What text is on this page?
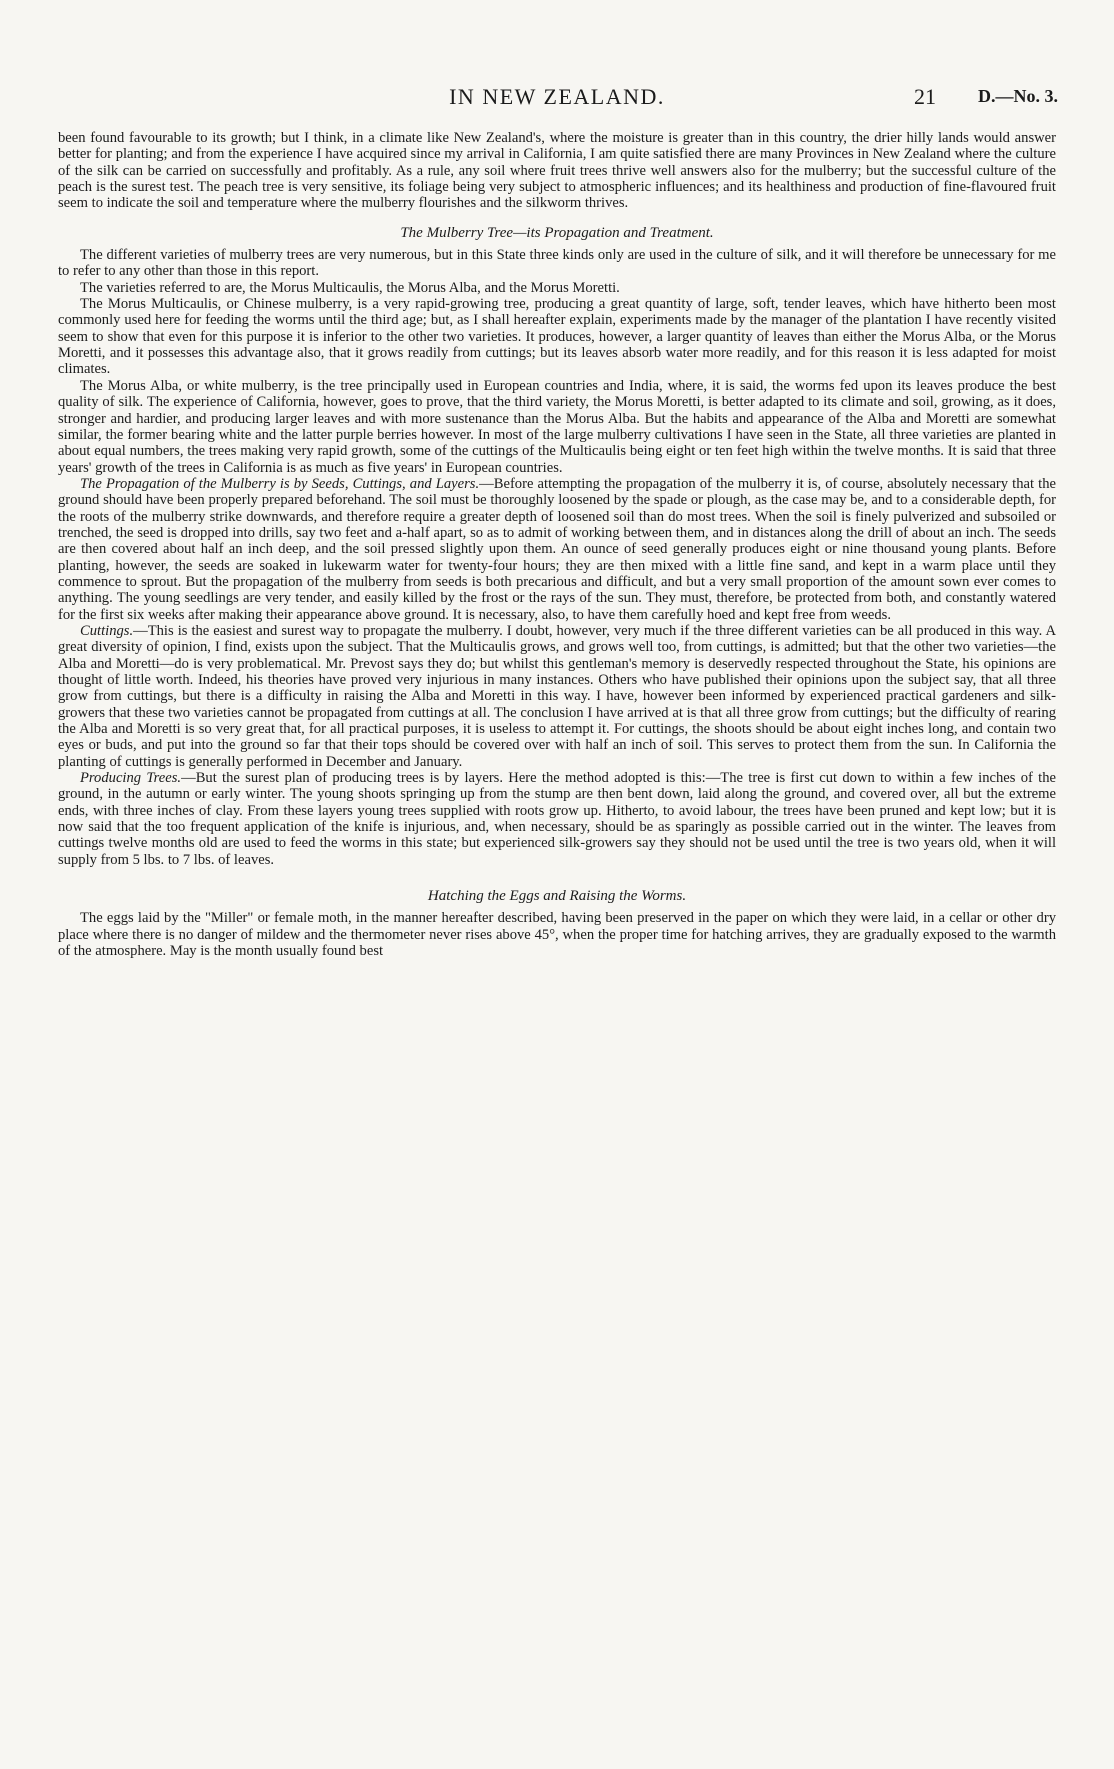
IN NEW ZEALAND.	21 D.—No. 3.

been found favourable to its growth; but I think, in a climate like New Zealand's, where the moisture is greater than in this country, the drier hilly lands would answer better for planting; and from the experience I have acquired since my arrival in California, I am quite satisfied there are many Provinces in New Zealand where the culture of the silk can be carried on successfully and profitably. As a rule, any soil where fruit trees thrive well answers also for the mulberry; but the successful culture of the peach is the surest test. The peach tree is very sensitive, its foliage being very subject to atmospheric influences; and its healthiness and production of fine-flavoured fruit seem to indicate the soil and temperature where the mulberry flourishes and the silkworm thrives.

The Mulberry Tree—its Propagation and Treatment.

The different varieties of mulberry trees are very numerous, but in this State three kinds only are used in the culture of silk, and it will therefore be unnecessary for me to refer to any other than those in this report.

The varieties referred to are, the Morus Multicaulis, the Morus Alba, and the Morus Moretti.

The Morus Multicaulis, or Chinese mulberry, is a very rapid-growing tree, producing a great quantity of large, soft, tender leaves, which have hitherto been most commonly used here for feeding the worms until the third age; but, as I shall hereafter explain, experiments made by the manager of the plantation I have recently visited seem to show that even for this purpose it is inferior to the other two varieties. It produces, however, a larger quantity of leaves than either the Morus Alba, or the Morus Moretti, and it possesses this advantage also, that it grows readily from cuttings; but its leaves absorb water more readily, and for this reason it is less adapted for moist climates.

The Morus Alba, or white mulberry, is the tree principally used in European countries and India, where, it is said, the worms fed upon its leaves produce the best quality of silk. The experience of California, however, goes to prove, that the third variety, the Morus Moretti, is better adapted to its climate and soil, growing, as it does, stronger and hardier, and producing larger leaves and with more sustenance than the Morus Alba. But the habits and appearance of the Alba and Moretti are somewhat similar, the former bearing white and the latter purple berries however. In most of the large mulberry cultivations I have seen in the State, all three varieties are planted in about equal numbers, the trees making very rapid growth, some of the cuttings of the Multicaulis being eight or ten feet high within the twelve months. It is said that three years' growth of the trees in California is as much as five years' in European countries.

The Propagation of the Mulberry is by Seeds, Cuttings, and Layers.—Before attempting the propagation of the mulberry it is, of course, absolutely necessary that the ground should have been properly prepared beforehand. The soil must be thoroughly loosened by the spade or plough, as the case may be, and to a considerable depth, for the roots of the mulberry strike downwards, and therefore require a greater depth of loosened soil than do most trees. When the soil is finely pulverized and subsoiled or trenched, the seed is dropped into drills, say two feet and a-half apart, so as to admit of working between them, and in distances along the drill of about an inch. The seeds are then covered about half an inch deep, and the soil pressed slightly upon them. An ounce of seed generally produces eight or nine thousand young plants. Before planting, however, the seeds are soaked in lukewarm water for twenty-four hours; they are then mixed with a little fine sand, and kept in a warm place until they commence to sprout. But the propagation of the mulberry from seeds is both precarious and difficult, and but a very small proportion of the amount sown ever comes to anything. The young seedlings are very tender, and easily killed by the frost or the rays of the sun. They must, therefore, be protected from both, and constantly watered for the first six weeks after making their appearance above ground. It is necessary, also, to have them carefully hoed and kept free from weeds.

Cuttings.—This is the easiest and surest way to propagate the mulberry. I doubt, however, very much if the three different varieties can be all produced in this way. A great diversity of opinion, I find, exists upon the subject. That the Multicaulis grows, and grows well too, from cuttings, is admitted; but that the other two varieties—the Alba and Moretti—do is very problematical. Mr. Prevost says they do; but whilst this gentleman's memory is deservedly respected throughout the State, his opinions are thought of little worth. Indeed, his theories have proved very injurious in many instances. Others who have published their opinions upon the subject say, that all three grow from cuttings, but there is a difficulty in raising the Alba and Moretti in this way. I have, however been informed by experienced practical gardeners and silk-growers that these two varieties cannot be propagated from cuttings at all. The conclusion I have arrived at is that all three grow from cuttings; but the difficulty of rearing the Alba and Moretti is so very great that, for all practical purposes, it is useless to attempt it. For cuttings, the shoots should be about eight inches long, and contain two eyes or buds, and put into the ground so far that their tops should be covered over with half an inch of soil. This serves to protect them from the sun. In California the planting of cuttings is generally performed in December and January.

Producing Trees.—But the surest plan of producing trees is by layers. Here the method adopted is this:—The tree is first cut down to within a few inches of the ground, in the autumn or early winter. The young shoots springing up from the stump are then bent down, laid along the ground, and covered over, all but the extreme ends, with three inches of clay. From these layers young trees supplied with roots grow up. Hitherto, to avoid labour, the trees have been pruned and kept low; but it is now said that the too frequent application of the knife is injurious, and, when necessary, should be as sparingly as possible carried out in the winter. The leaves from cuttings twelve months old are used to feed the worms in this state; but experienced silk-growers say they should not be used until the tree is two years old, when it will supply from 5 lbs. to 7 lbs. of leaves.

Hatching the Eggs and Raising the Worms.

The eggs laid by the "Miller" or female moth, in the manner hereafter described, having been preserved in the paper on which they were laid, in a cellar or other dry place where there is no danger of mildew and the thermometer never rises above 45°, when the proper time for hatching arrives, they are gradually exposed to the warmth of the atmosphere. May is the month usually found best
